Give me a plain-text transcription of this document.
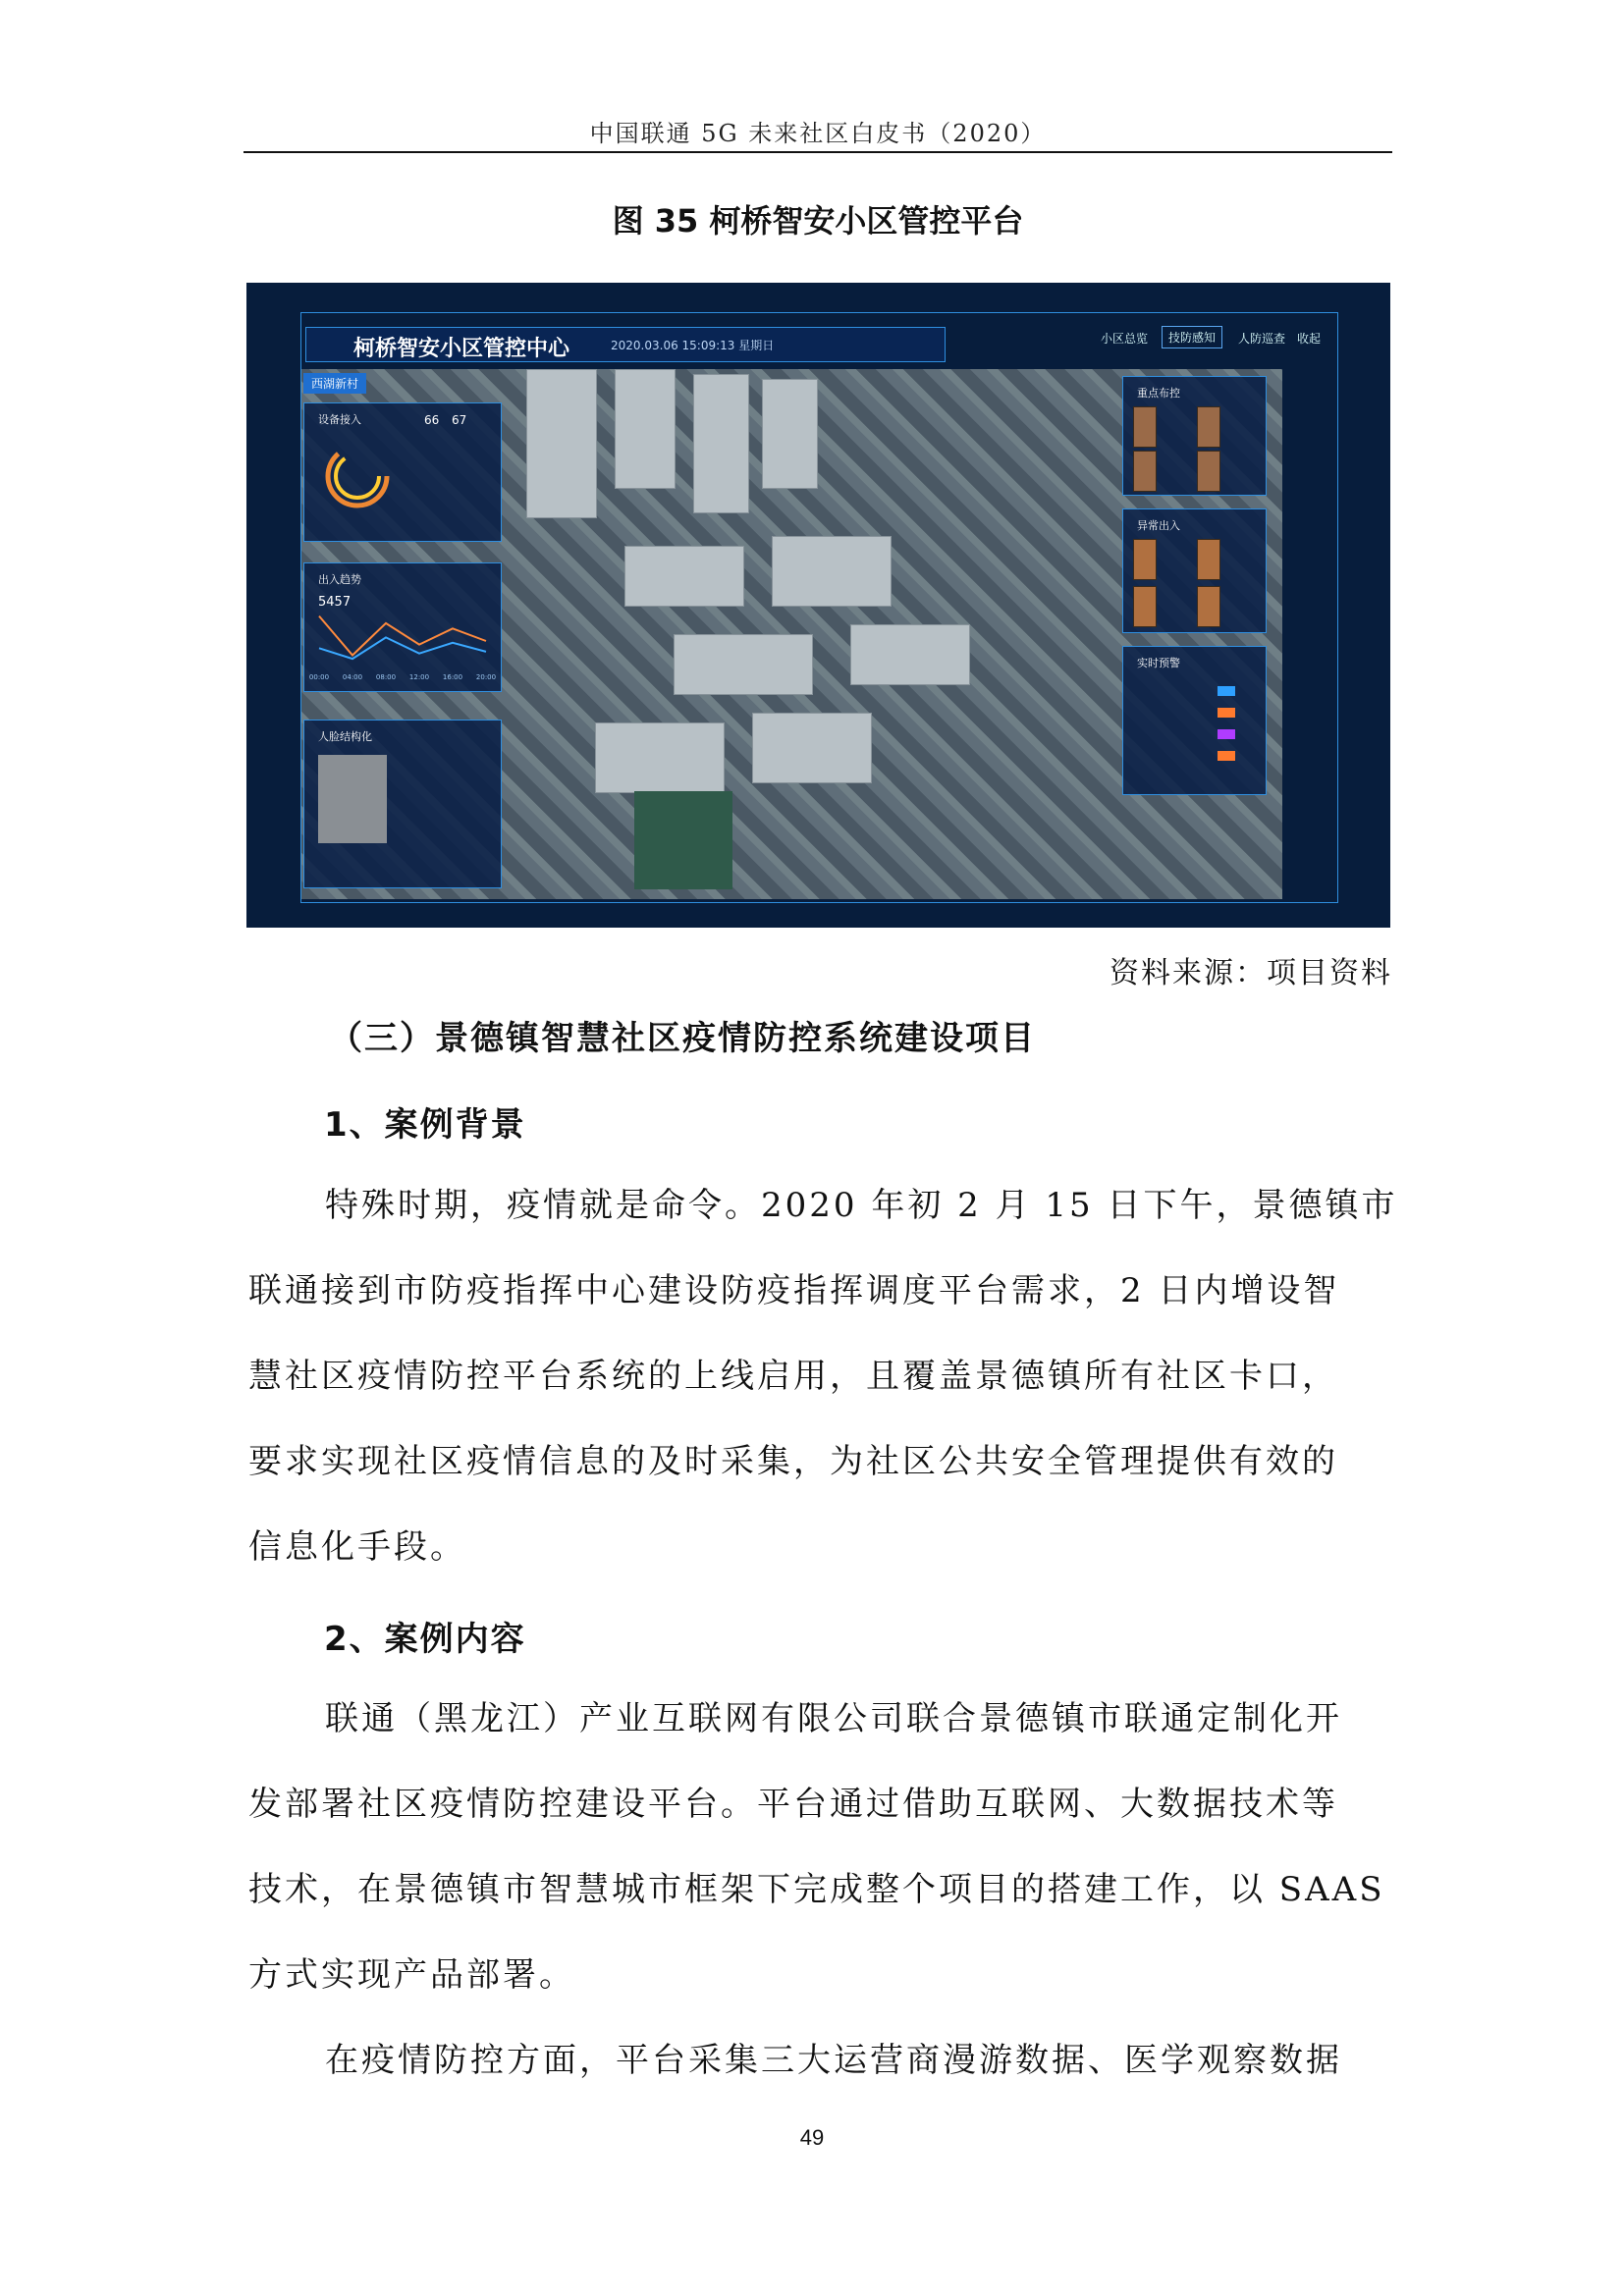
中国联通 5G 未来社区白皮书（2020）
图 35 柯桥智安小区管控平台
柯桥智安小区管控中心	2020.03.06 15:09:13 星期日	小区总览	技防感知	人防巡查 收起
西湖新村
设备接入	66 67
出入趋势
5457
00:00 04:00 08:00 12:00 16:00 20:00
人脸结构化
重点布控
异常出入
实时预警
资料来源：项目资料
（三）景德镇智慧社区疫情防控系统建设项目
1、案例背景
特殊时期，疫情就是命令。2020 年初 2 月 15 日下午，景德镇市
联通接到市防疫指挥中心建设防疫指挥调度平台需求，2 日内增设智
慧社区疫情防控平台系统的上线启用，且覆盖景德镇所有社区卡口，
要求实现社区疫情信息的及时采集，为社区公共安全管理提供有效的
信息化手段。
2、案例内容
联通（黑龙江）产业互联网有限公司联合景德镇市联通定制化开
发部署社区疫情防控建设平台。平台通过借助互联网、大数据技术等
技术，在景德镇市智慧城市框架下完成整个项目的搭建工作，以 SAAS
方式实现产品部署。
在疫情防控方面，平台采集三大运营商漫游数据、医学观察数据
49
